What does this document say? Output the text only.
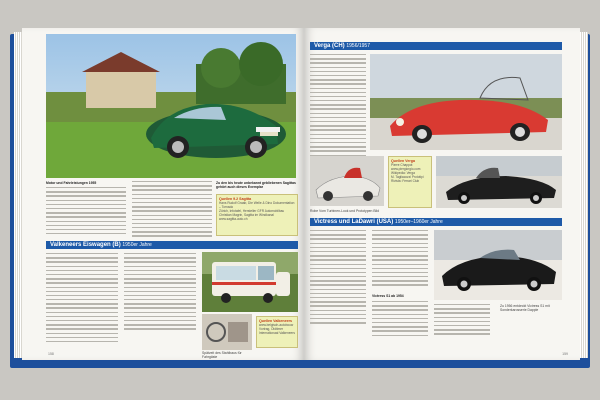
Motor und Fahrleistungen 1955	Zu den bis heute unbekannt gebliebenen Sagittas gehört auch dieses Exemplar
Quellen 9.2 Sagitta
Hans Rudolf Graab, Die Welle & Dino Dokumentation – Tornado
Zürich, Infotafel, Hersteller GFR Automobilbau
Christian Magrin, Sagitta im Windkanal
www.sagitta-auto.ch
Valkeneers Eiswagen (B) 1950er Jahre
Quellen Valkeneers
www.belgisch-autobouw
Vortrag, Oldtimer
Internationaal Valkeneers
Spätzeit des Stahlbaus für Fahrgäste
158
Verga (CH) 1956/1957
Robe Vom Turbinen-Look und Prototypen Bild
Quellen Verga
Pierre Chappot
www.piergiorgio.com
Wikipedia: Verga
M. Tagliacozzi Prototipi
Rivista: Ferrari Club
Victress und LaDawri (USA) 1950er–1960er Jahre
Victress S1 ab 1954
Zu 1956 entdeckt Victress S1 mit Sonderkarosserie Dapple
159
